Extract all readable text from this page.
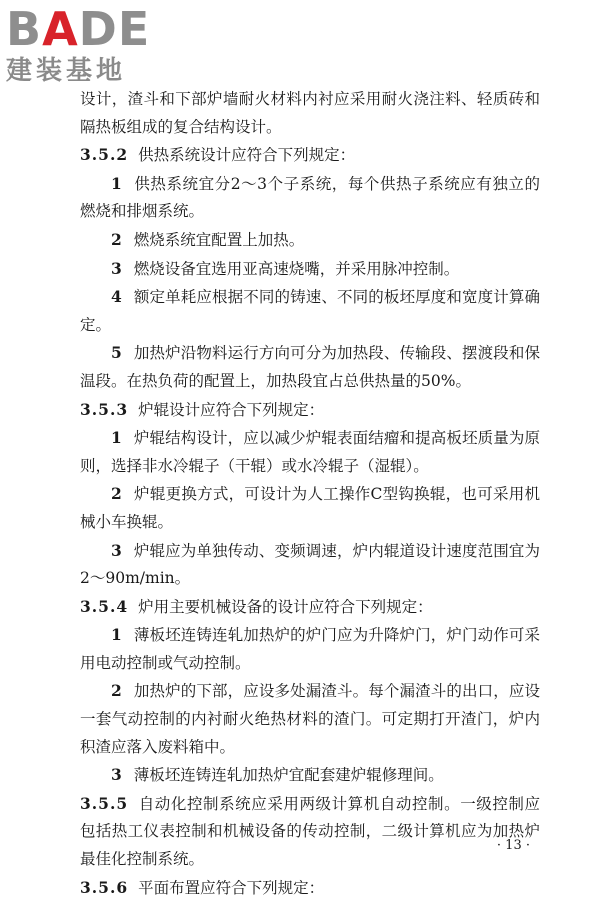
BADE
建装基地

设计，渣斗和下部炉墙耐火材料内衬应采用耐火浇注料、轻质砖和隔热板组成的复合结构设计。

3.5.2 供热系统设计应符合下列规定：

1 供热系统宜分2～3个子系统，每个供热子系统应有独立的燃烧和排烟系统。

2 燃烧系统宜配置上加热。

3 燃烧设备宜选用亚高速烧嘴，并采用脉冲控制。

4 额定单耗应根据不同的铸速、不同的板坯厚度和宽度计算确定。

5 加热炉沿物料运行方向可分为加热段、传输段、摆渡段和保温段。在热负荷的配置上，加热段宜占总供热量的50%。

3.5.3 炉辊设计应符合下列规定：

1 炉辊结构设计，应以减少炉辊表面结瘤和提高板坯质量为原则，选择非水冷辊子（干辊）或水冷辊子（湿辊）。

2 炉辊更换方式，可设计为人工操作C型钩换辊，也可采用机械小车换辊。

3 炉辊应为单独传动、变频调速，炉内辊道设计速度范围宜为2～90m/min。

3.5.4 炉用主要机械设备的设计应符合下列规定：

1 薄板坯连铸连轧加热炉的炉门应为升降炉门，炉门动作可采用电动控制或气动控制。

2 加热炉的下部，应设多处漏渣斗。每个漏渣斗的出口，应设一套气动控制的内衬耐火绝热材料的渣门。可定期打开渣门，炉内积渣应落入废料箱中。

3 薄板坯连铸连轧加热炉宜配套建炉辊修理间。

3.5.5 自动化控制系统应采用两级计算机自动控制。一级控制应包括热工仪表控制和机械设备的传动控制，二级计算机应为加热炉最佳化控制系统。

3.5.6 平面布置应符合下列规定：

· 13 ·
